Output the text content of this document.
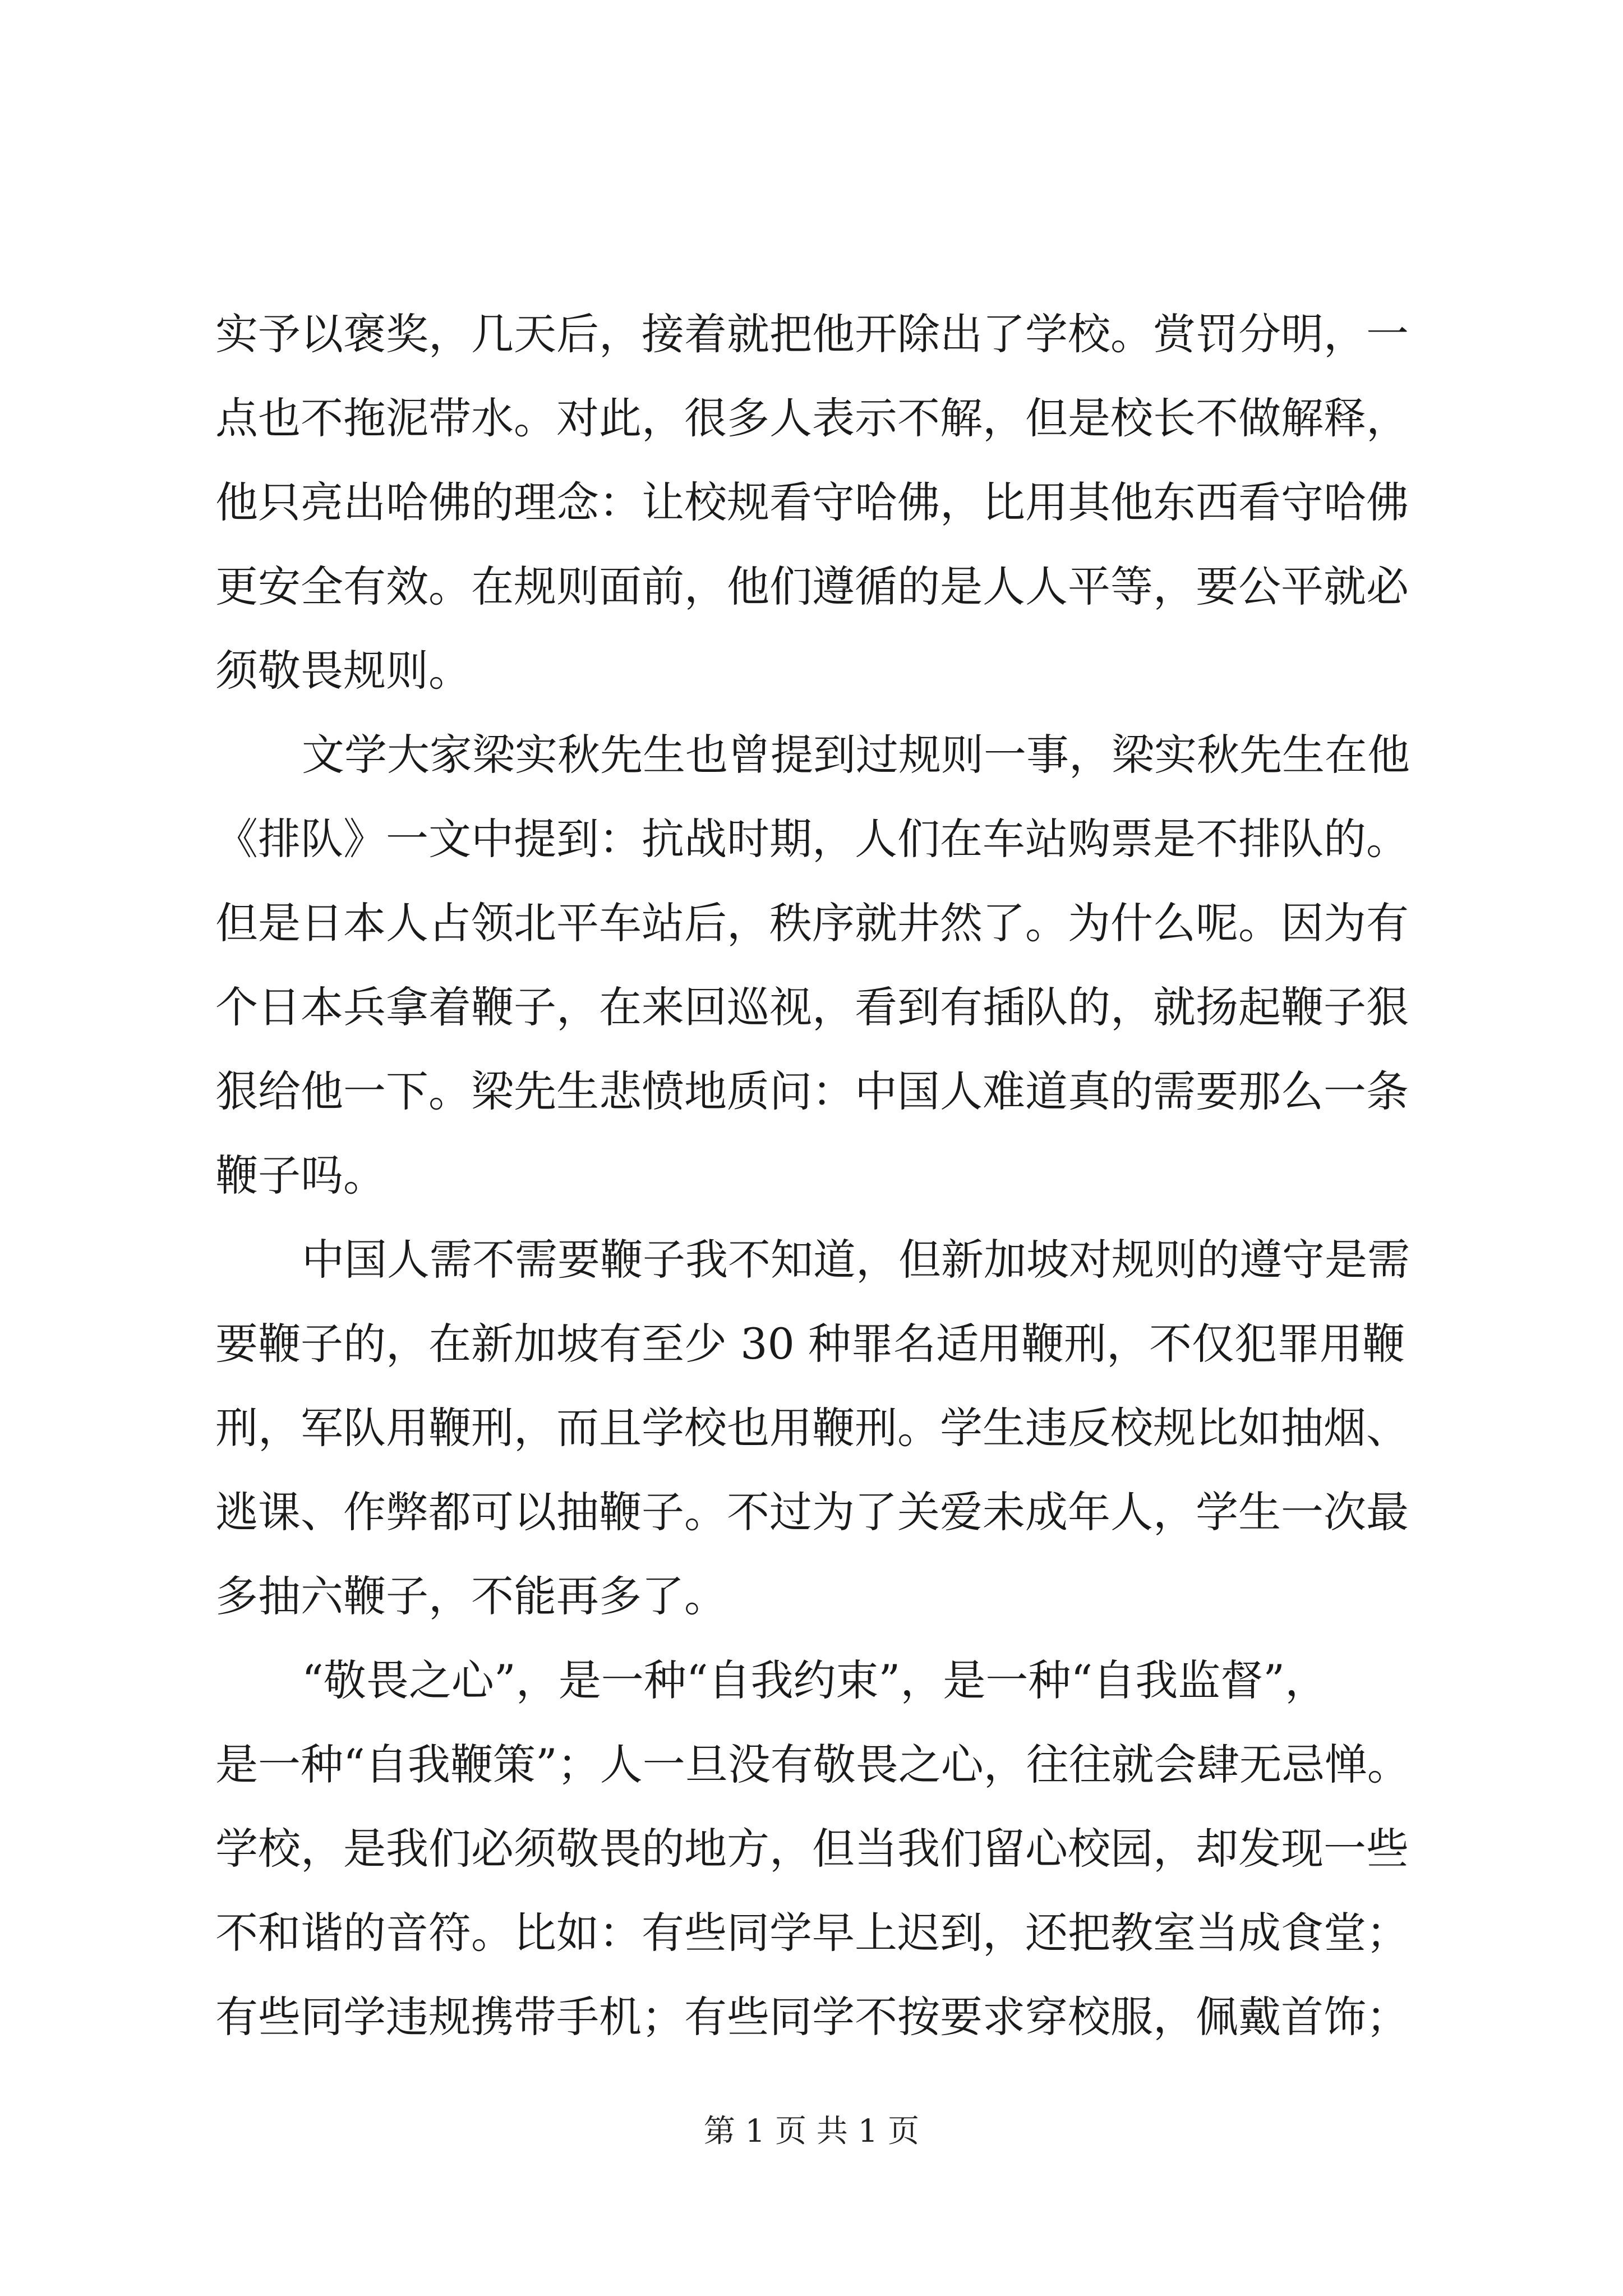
实予以褒奖，几天后，接着就把他开除出了学校。赏罚分明，一
点也不拖泥带水。对此，很多人表示不解，但是校长不做解释，
他只亮出哈佛的理念：让校规看守哈佛，比用其他东西看守哈佛
更安全有效。在规则面前，他们遵循的是人人平等，要公平就必
须敬畏规则。
文学大家梁实秋先生也曾提到过规则一事，梁实秋先生在他
《排队》一文中提到：抗战时期，人们在车站购票是不排队的。
但是日本人占领北平车站后，秩序就井然了。为什么呢。因为有
个日本兵拿着鞭子，在来回巡视，看到有插队的，就扬起鞭子狠
狠给他一下。梁先生悲愤地质问：中国人难道真的需要那么一条
鞭子吗。
中国人需不需要鞭子我不知道，但新加坡对规则的遵守是需
要鞭子的，在新加坡有至少 30 种罪名适用鞭刑，不仅犯罪用鞭
刑，军队用鞭刑，而且学校也用鞭刑。学生违反校规比如抽烟、
逃课、作弊都可以抽鞭子。不过为了关爱未成年人，学生一次最
多抽六鞭子，不能再多了。
“敬畏之心”，是一种“自我约束”，是一种“自我监督”，
是一种“自我鞭策”；人一旦没有敬畏之心，往往就会肆无忌惮。
学校，是我们必须敬畏的地方，但当我们留心校园，却发现一些
不和谐的音符。比如：有些同学早上迟到，还把教室当成食堂；
有些同学违规携带手机；有些同学不按要求穿校服，佩戴首饰；
第 1 页 共 1 页
